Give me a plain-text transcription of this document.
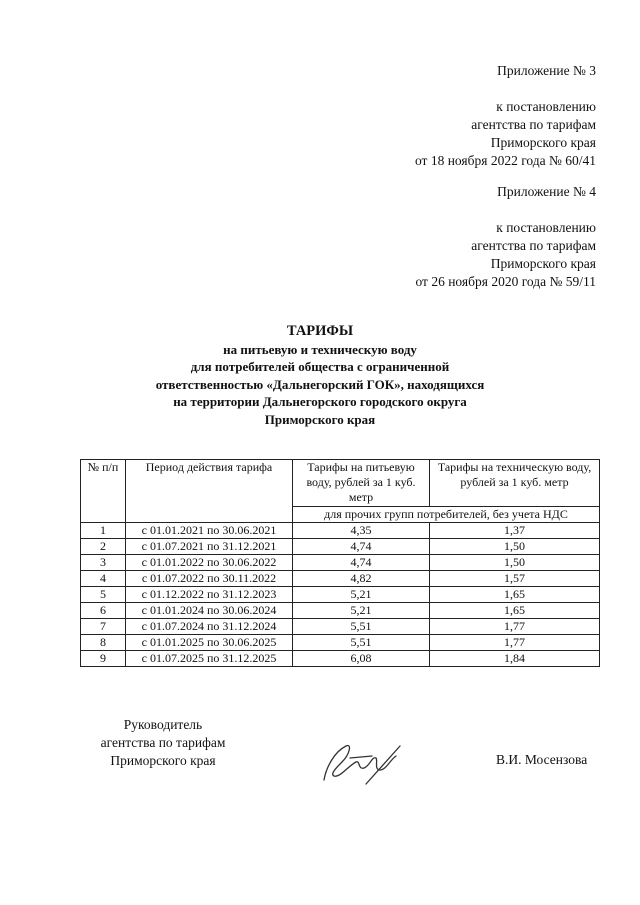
Приложение № 3
к постановлению
агентства по тарифам
Приморского края
от 18 ноября 2022 года № 60/41
Приложение № 4
к постановлению
агентства по тарифам
Приморского края
от 26 ноября 2020 года № 59/11
ТАРИФЫ
на питьевую и техническую воду
для потребителей общества с ограниченной
ответственностью «Дальнегорский ГОК», находящихся
на территории Дальнегорского городского округа
Приморского края
№ п/п	Период действия тарифа	Тарифы на питьевую воду, рублей за 1 куб. метр	Тарифы на техническую воду, рублей за 1 куб. метр
		для прочих групп потребителей, без учета НДС	
1	с 01.01.2021 по 30.06.2021	4,35	1,37
2	с 01.07.2021 по 31.12.2021	4,74	1,50
3	с 01.01.2022 по 30.06.2022	4,74	1,50
4	с 01.07.2022 по 30.11.2022	4,82	1,57
5	с 01.12.2022 по 31.12.2023	5,21	1,65
6	с 01.01.2024 по 30.06.2024	5,21	1,65
7	с 01.07.2024 по 31.12.2024	5,51	1,77
8	с 01.01.2025 по 30.06.2025	5,51	1,77
9	с 01.07.2025 по 31.12.2025	6,08	1,84
Руководитель
агентства по тарифам
Приморского края	В.И. Мосензова
